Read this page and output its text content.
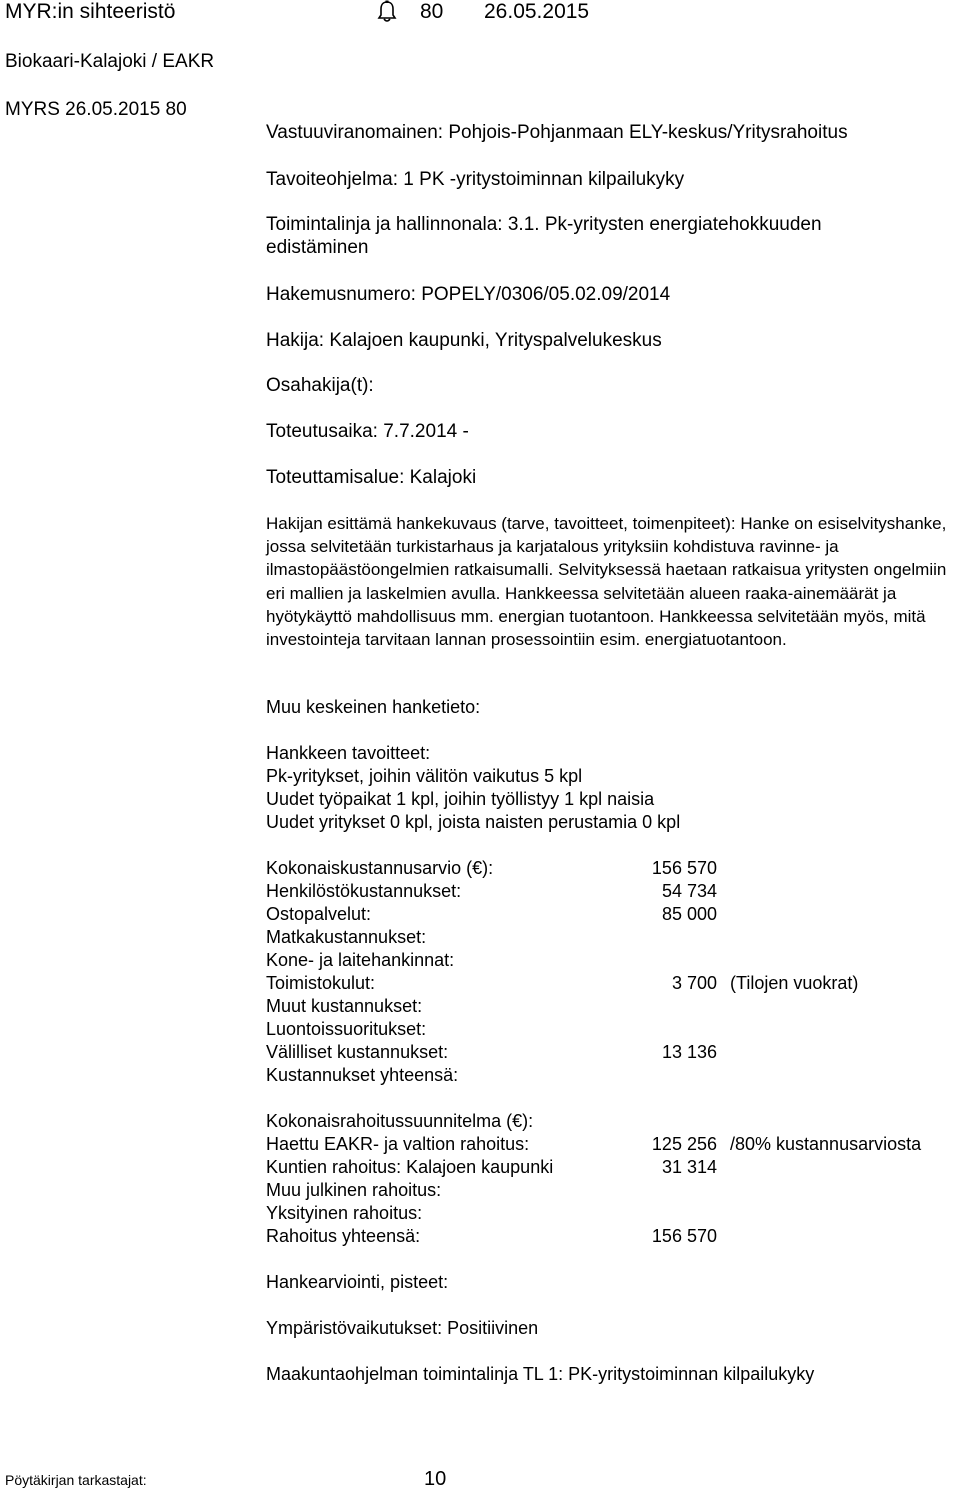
MYR:in sihteeristö	80 26.05.2015
Biokaari-Kalajoki / EAKR
MYRS 26.05.2015 80
Vastuuviranomainen: Pohjois-Pohjanmaan ELY-keskus/Yritysrahoitus
Tavoiteohjelma: 1 PK -yritystoiminnan kilpailukyky
Toimintalinja ja hallinnonala: 3.1. Pk-yritysten energiatehokkuuden
edistäminen
Hakemusnumero: POPELY/0306/05.02.09/2014
Hakija: Kalajoen kaupunki, Yrityspalvelukeskus
Osahakija(t):
Toteutusaika: 7.7.2014 -
Toteuttamisalue: Kalajoki
Hakijan esittämä hankekuvaus (tarve, tavoitteet, toimenpiteet): Hanke on esiselvityshanke, jossa selvitetään turkistarhaus ja karjatalous yrityksiin kohdistuva ravinne- ja ilmastopäästöongelmien ratkaisumalli. Selvityksessä haetaan ratkaisua yritysten ongelmiin eri mallien ja laskelmien avulla. Hankkeessa selvitetään alueen raaka-ainemäärät ja hyötykäyttö mahdollisuus mm. energian tuotantoon. Hankkeessa selvitetään myös, mitä investointeja tarvitaan lannan prosessointiin esim. energiatuotantoon.
Muu keskeinen hanketieto:
Hankkeen tavoitteet:
Pk-yritykset, joihin välitön vaikutus 5 kpl
Uudet työpaikat 1 kpl, joihin työllistyy 1 kpl naisia
Uudet yritykset 0 kpl, joista naisten perustamia 0 kpl
Kokonaiskustannusarvio (€):	156 570
Henkilöstökustannukset:	54 734
Ostopalvelut:	85 000
Matkakustannukset:
Kone- ja laitehankinnat:
Toimistokulut:	3 700 (Tilojen vuokrat)
Muut kustannukset:
Luontoissuoritukset:
Välilliset kustannukset:	13 136
Kustannukset yhteensä:
Kokonaisrahoitussuunnitelma (€):
Haettu EAKR- ja valtion rahoitus:	125 256 /80% kustannusarviosta
Kuntien rahoitus: Kalajoen kaupunki	31 314
Muu julkinen rahoitus:
Yksityinen rahoitus:
Rahoitus yhteensä:	156 570
Hankearviointi, pisteet:
Ympäristövaikutukset: Positiivinen
Maakuntaohjelman toimintalinja TL 1: PK-yritystoiminnan kilpailukyky
Pöytäkirjan tarkastajat:	10
